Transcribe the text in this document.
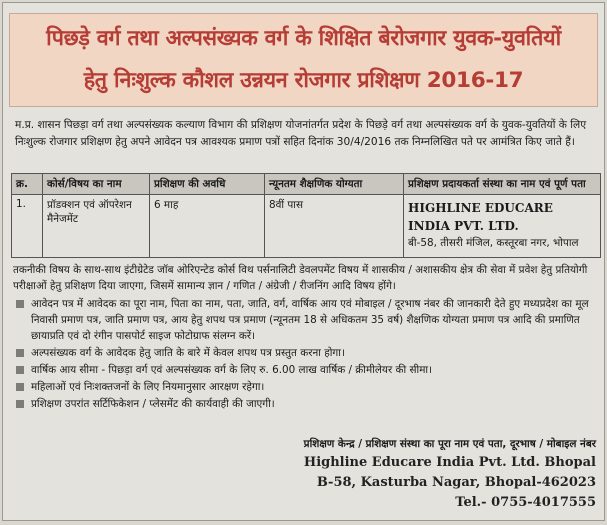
पिछड़े वर्ग तथा अल्पसंख्यक वर्ग के शिक्षित बेरोजगार युवक-युवतियों
हेतु निःशुल्क कौशल उन्नयन रोजगार प्रशिक्षण 2016-17
म.प्र. शासन पिछड़ा वर्ग तथा अल्पसंख्यक कल्याण विभाग की प्रशिक्षण योजनांतर्गत प्रदेश के पिछड़े वर्ग तथा अल्पसंख्यक वर्ग के युवक-युवतियों के लिए निःशुल्क रोजगार प्रशिक्षण हेतु अपने आवेदन पत्र आवश्यक प्रमाण पत्रों सहित दिनांक 30/4/2016 तक निम्नलिखित पते पर आमंत्रित किए जाते हैं।
क्र.	कोर्स/विषय का नाम	प्रशिक्षण की अवधि	न्यूनतम शैक्षणिक योग्यता	प्रशिक्षण प्रदायकर्ता संस्था का नाम एवं पूर्ण पता
1.	प्रॉडक्शन एवं ऑपरेशन मैनेजमेंट	6 माह	8वीं पास	HIGHLINE EDUCARE
INDIA PVT. LTD.
बी-58, तीसरी मंजिल, कस्तूरबा नगर, भोपाल
तकनीकी विषय के साथ-साथ इंटीग्रेटेड जॉब ओरिएन्टेड कोर्स विथ पर्सनालिटी डेवलपमेंट विषय में शासकीय / अशासकीय क्षेत्र की सेवा में प्रवेश हेतु प्रतियोगी परीक्षाओं हेतु प्रशिक्षण दिया जाएगा, जिसमें सामान्य ज्ञान / गणित / अंग्रेजी / रीजनिंग आदि विषय होंगे।
आवेदन पत्र में आवेदक का पूरा नाम, पिता का नाम, पता, जाति, वर्ग, वार्षिक आय एवं मोबाइल / दूरभाष नंबर की जानकारी देते हुए मध्यप्रदेश का मूल निवासी प्रमाण पत्र, जाति प्रमाण पत्र, आय हेतु शपथ पत्र प्रमाण (न्यूनतम 18 से अधिकतम 35 वर्ष) शैक्षणिक योग्यता प्रमाण पत्र आदि की प्रमाणित छायाप्रति एवं दो रंगीन पासपोर्ट साइज फोटोग्राफ संलग्न करें।
अल्पसंख्यक वर्ग के आवेदक हेतु जाति के बारे में केवल शपथ पत्र प्रस्तुत करना होगा।
वार्षिक आय सीमा - पिछड़ा वर्ग एवं अल्पसंख्यक वर्ग के लिए रु. 6.00 लाख वार्षिक / क्रीमीलेयर की सीमा।
महिलाओं एवं निःशक्तजनों के लिए नियमानुसार आरक्षण रहेगा।
प्रशिक्षण उपरांत सर्टिफिकेशन / प्लेसमेंट की कार्यवाही की जाएगी।
प्रशिक्षण केन्द्र / प्रशिक्षण संस्था का पूरा नाम एवं पता, दूरभाष / मोबाइल नंबर
Highline Educare India Pvt. Ltd. Bhopal
B-58, Kasturba Nagar, Bhopal-462023
Tel.- 0755-4017555
